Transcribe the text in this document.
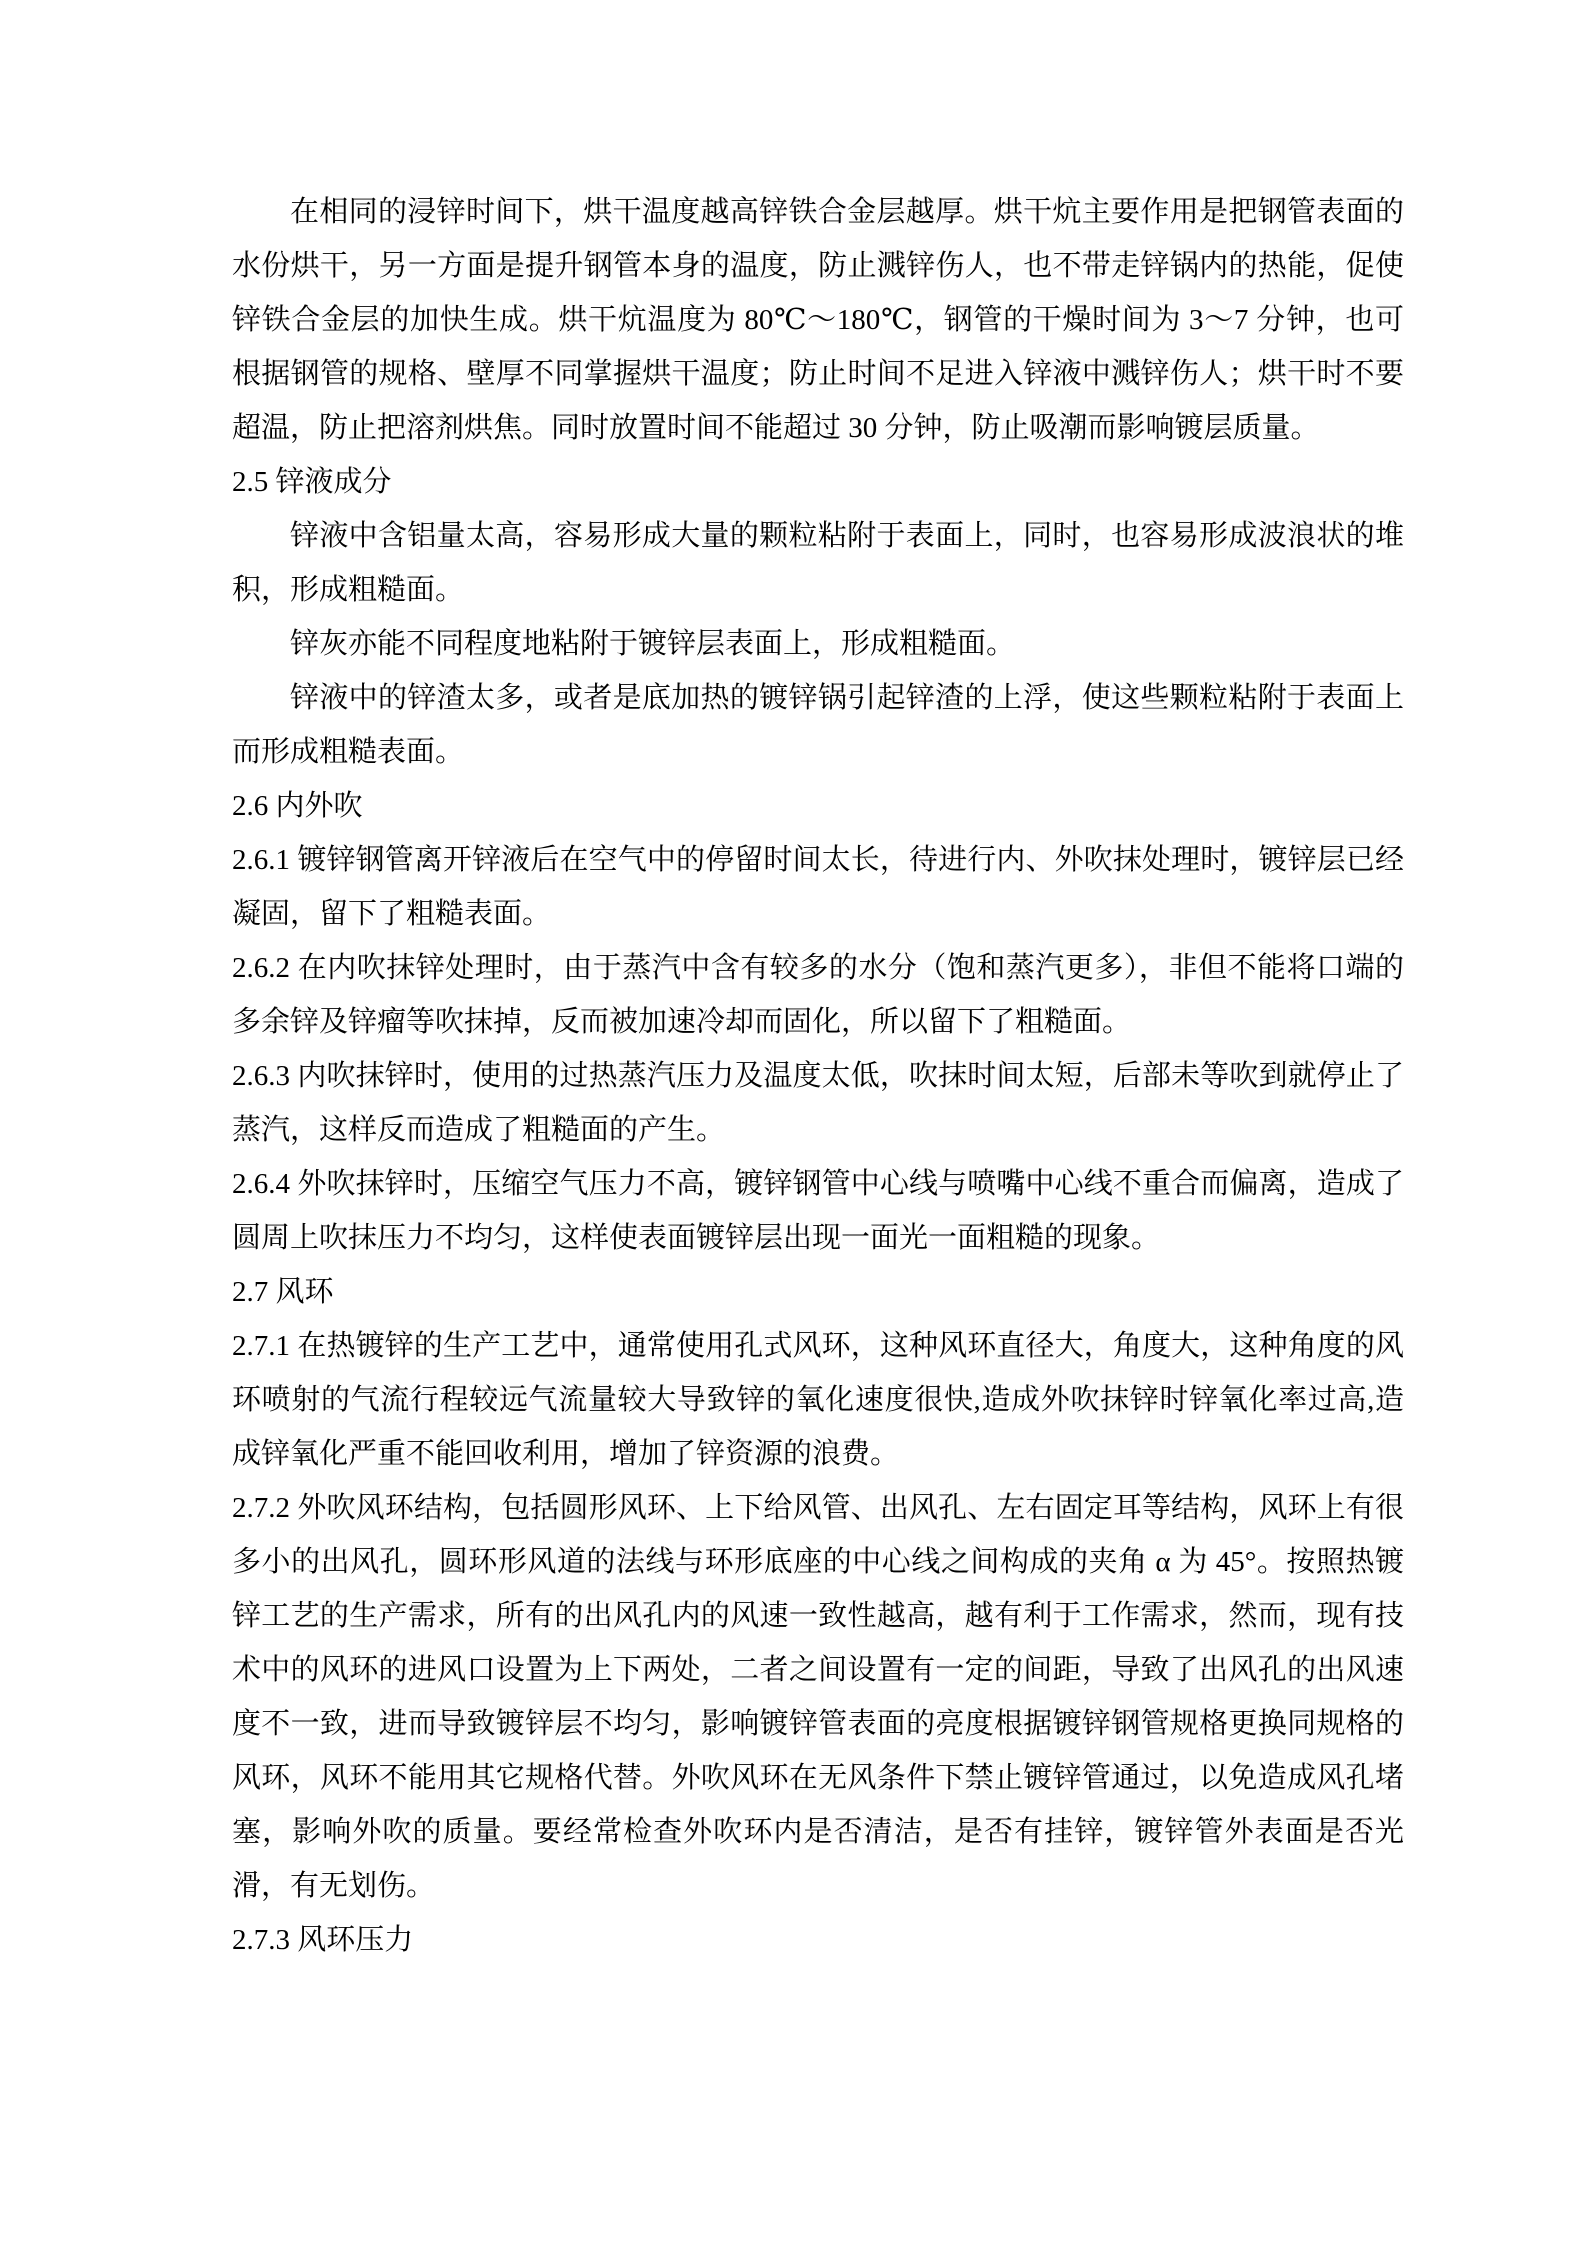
在相同的浸锌时间下，烘干温度越高锌铁合金层越厚。烘干炕主要作用是把钢管表面的水份烘干，另一方面是提升钢管本身的温度，防止溅锌伤人，也不带走锌锅内的热能，促使锌铁合金层的加快生成。烘干炕温度为 80℃～180℃，钢管的干燥时间为 3～7 分钟，也可根据钢管的规格、壁厚不同掌握烘干温度；防止时间不足进入锌液中溅锌伤人；烘干时不要超温，防止把溶剂烘焦。同时放置时间不能超过 30 分钟，防止吸潮而影响镀层质量。

2.5 锌液成分

锌液中含铝量太高，容易形成大量的颗粒粘附于表面上，同时，也容易形成波浪状的堆积，形成粗糙面。

锌灰亦能不同程度地粘附于镀锌层表面上，形成粗糙面。

锌液中的锌渣太多，或者是底加热的镀锌锅引起锌渣的上浮，使这些颗粒粘附于表面上而形成粗糙表面。

2.6 内外吹

2.6.1 镀锌钢管离开锌液后在空气中的停留时间太长，待进行内、外吹抹处理时，镀锌层已经凝固，留下了粗糙表面。

2.6.2 在内吹抹锌处理时，由于蒸汽中含有较多的水分（饱和蒸汽更多），非但不能将口端的多余锌及锌瘤等吹抹掉，反而被加速冷却而固化，所以留下了粗糙面。

2.6.3 内吹抹锌时，使用的过热蒸汽压力及温度太低，吹抹时间太短，后部未等吹到就停止了蒸汽，这样反而造成了粗糙面的产生。

2.6.4 外吹抹锌时，压缩空气压力不高，镀锌钢管中心线与喷嘴中心线不重合而偏离，造成了圆周上吹抹压力不均匀，这样使表面镀锌层出现一面光一面粗糙的现象。

2.7 风环

2.7.1 在热镀锌的生产工艺中，通常使用孔式风环，这种风环直径大，角度大，这种角度的风环喷射的气流行程较远气流量较大导致锌的氧化速度很快,造成外吹抹锌时锌氧化率过高,造成锌氧化严重不能回收利用，增加了锌资源的浪费。

2.7.2 外吹风环结构，包括圆形风环、上下给风管、出风孔、左右固定耳等结构，风环上有很多小的出风孔，圆环形风道的法线与环形底座的中心线之间构成的夹角 α 为 45°。按照热镀锌工艺的生产需求，所有的出风孔内的风速一致性越高，越有利于工作需求，然而，现有技术中的风环的进风口设置为上下两处，二者之间设置有一定的间距，导致了出风孔的出风速度不一致，进而导致镀锌层不均匀，影响镀锌管表面的亮度根据镀锌钢管规格更换同规格的风环，风环不能用其它规格代替。外吹风环在无风条件下禁止镀锌管通过，以免造成风孔堵塞，影响外吹的质量。要经常检查外吹环内是否清洁，是否有挂锌，镀锌管外表面是否光滑，有无划伤。

2.7.3 风环压力
